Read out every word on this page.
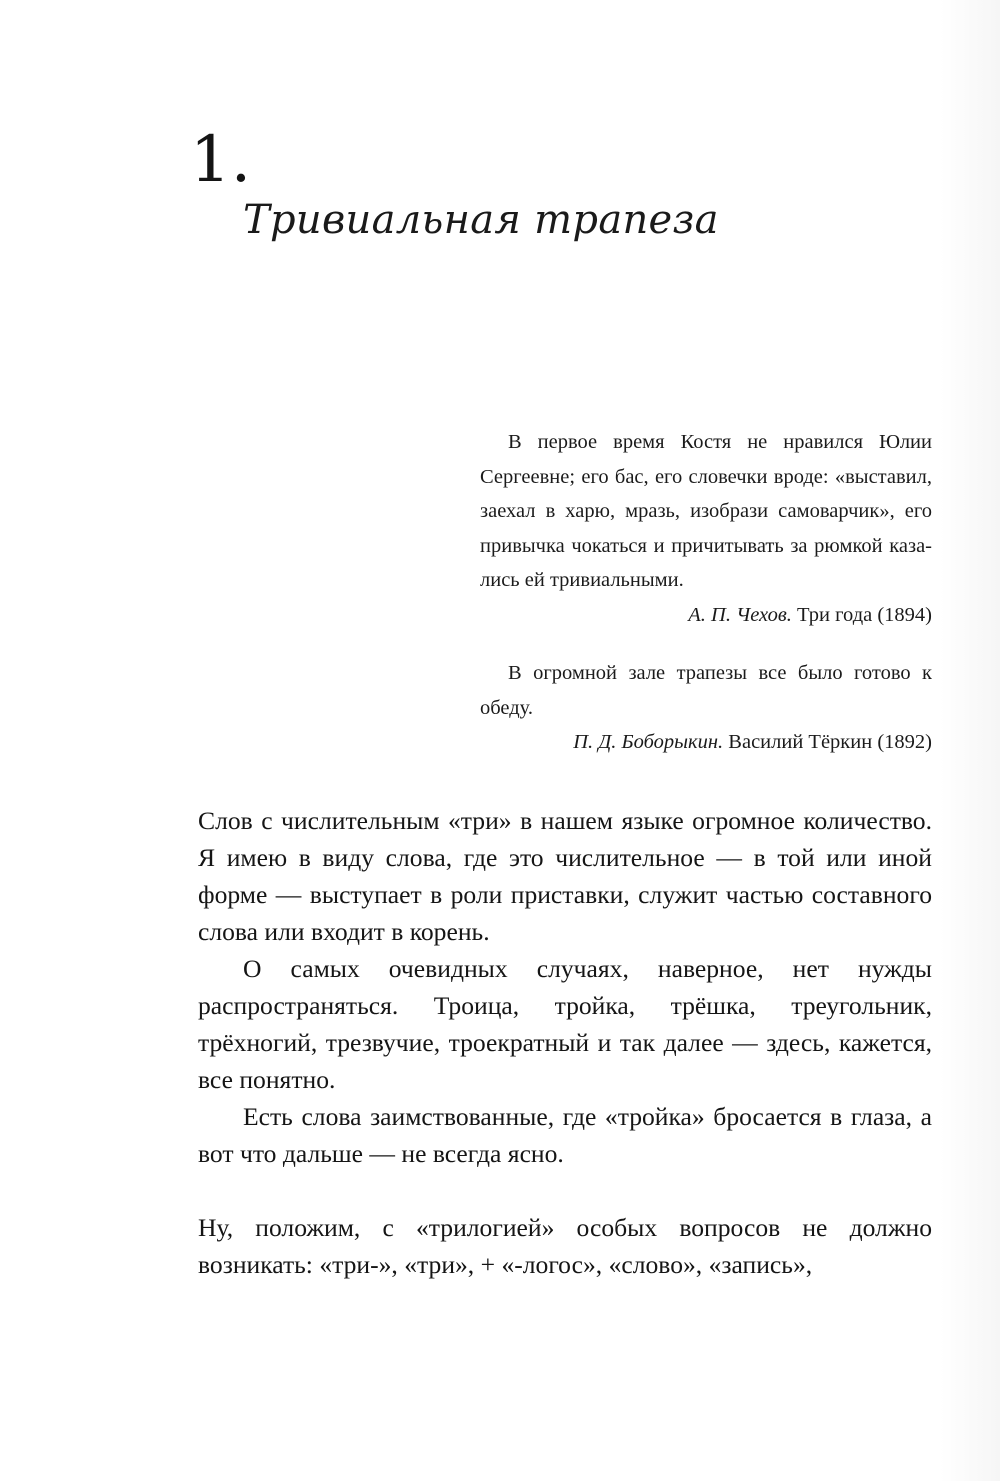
1.
Тривиальная трапеза

В первое время Костя не нравился Юлии Сергеевне; его бас, его словечки вроде: «выставил, заехал в харю, мразь, изобрази самоварчик», его привычка чокаться и причитывать за рюмкой казались ей тривиальными.

А. П. Чехов. Три года (1894)

В огромной зале трапезы все было готово к обеду.

П. Д. Боборыкин. Василий Тёркин (1892)

Слов с числительным «три» в нашем языке огромное количество. Я имею в виду слова, где это числительное — в той или иной форме — выступает в роли приставки, служит частью составного слова или входит в корень.

О самых очевидных случаях, наверное, нет нужды распространяться. Троица, тройка, трёшка, треугольник, трёхногий, трезвучие, троекратный и так далее — здесь, кажется, все понятно.

Есть слова заимствованные, где «тройка» бросается в глаза, а вот что дальше — не всегда ясно.

Ну, положим, с «трилогией» особых вопросов не должно возникать: «три-», «три», + «-логос», «слово», «запись»,
